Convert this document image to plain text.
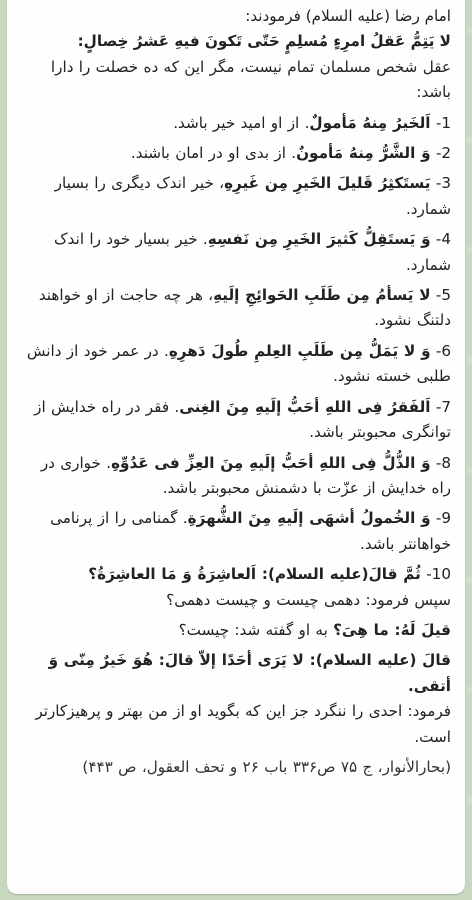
امام رضا (علیه السلام) فرمودند:
لا يَتِمُّ عَقلُ امرِءٍ مُسلِمٍ حَتّی تَكونَ فيهِ عَشرُ خِصالٍ:
عقل شخص مسلمان تمام نیست، مگر این که ده خصلت را دارا باشد:
1- اَلخَيرُ مِنهُ مَأمولٌ. از او امید خیر باشد.
2- وَ الشَّرُّ مِنهُ مَأمونٌ. از بدی او در امان باشند.
3- يَستَكثِرُ قَليلَ الخَيرِ مِن غَيرِهِ، خیر اندک دیگری را بسیار شمارد.
4- وَ يَستَقِلُّ كَثيرَ الخَيرِ مِن نَفسِهِ. خیر بسیار خود را اندک شمارد.
5- لا يَسأمُ مِن طَلَبِ الحَوائِجِ إلَيهِ، هر چه حاجت از او خواهند دلتنگ نشود.
6- وَ لا يَمَلُّ مِن طَلَبِ العِلمِ طُولَ دَهرِهِ. در عمر خود از دانش طلبی خسته نشود.
7- اَلفَقرُ فِی اللهِ أحَبُّ إلَيهِ مِنَ الغِنی. فقر در راه خدایش از توانگری محبوبتر باشد.
8- وَ الذُّلُّ فِی اللهِ أحَبُّ إلَيهِ مِنَ العِزِّ فی عَدُوِّهِ. خواری در راه خدایش از عزّت با دشمنش محبوبتر باشد.
9- وَ الخُمولُ أشهَی إلَيهِ مِنَ الشُّهرَةِ. گمنامی را از پرنامی خواهانتر باشد.
10- ثُمَّ قالَ(علیه السلام): اَلعاشِرَةُ وَ مَا العاشِرَةُ؟
سپس فرمود: دهمی چیست و چیست دهمی؟
قيلَ لَهُ: ما هِیَ؟ به او گفته شد: چیست؟
قالَ (علیه السلام): لا يَرَی أحَدًا إلاّ قالَ: هُوَ خَيرٌ مِنّی وَ أتقی.
فرمود: احدی را ننگرد جز این که بگوید او از من بهتر و پرهیزکارتر است.
(بحارالأنوار، ج ۷۵ ص۳۳۶ باب ۲۶ و تحف العقول، ص ۴۴۳)
